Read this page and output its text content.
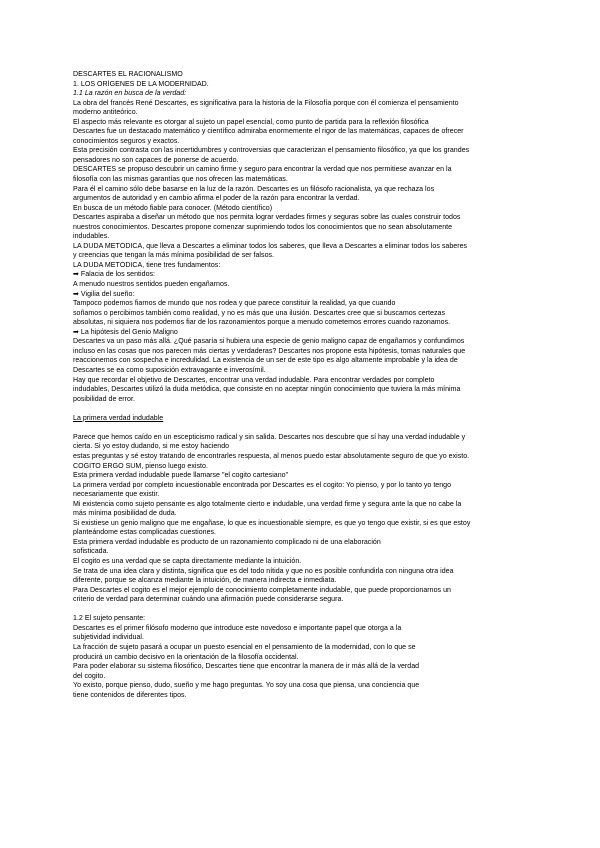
DESCARTES EL RACIONALISMO
1. LOS ORÍGENES DE LA MODERNIDAD.
1.1 La razón en busca de la verdad:
La obra del francés René Descartes, es significativa para la historia de la Filosofía porque con él comienza el pensamiento
moderno antiteórico.
El aspecto más relevante es otorgar al sujeto un papel esencial, como punto de partida para la reflexión filosófica
Descartes fue un destacado matemático y científico admiraba enormemente el rigor de las matemáticas, capaces de ofrecer
conocimientos seguros y exactos.
Esta precisión contrasta con las incertidumbres y controversias que caracterizan el pensamiento filosófico, ya que los grandes
pensadores no son capaces de ponerse de acuerdo.
DESCARTES se propuso descubrir un camino firme y seguro para encontrar la verdad que nos permitiese avanzar en la
filosofía con las mismas garantías que nos ofrecen las matemáticas.
Para él el camino sólo debe basarse en la luz de la razón. Descartes es un filósofo racionalista, ya que rechaza los
argumentos de autoridad y en cambio afirma el poder de la razón para encontrar la verdad.
En busca de un método fiable para conocer. (Método científico)
Descartes aspiraba a diseñar un método que nos permita lograr verdades firmes y seguras sobre las cuales construir todos
nuestros conocimientos. Descartes propone comenzar suprimiendo todos los conocimientos que no sean absolutamente
indudables.
LA DUDA METÓDICA, que lleva a Descartes a eliminar todos los saberes, que lleva a Descartes a eliminar todos los saberes
y creencias que tengan la más mínima posibilidad de ser falsos.
LA DUDA METÓDICA, tiene tres fundamentos:
➡ Falacia de los sentidos:
A menudo nuestros sentidos pueden engañarnos.
➡ Vigilia del sueño:
Tampoco podemos fiarnos de mundo que nos rodea y que parece constituir la realidad, ya que cuando
soñamos o percibimos también como realidad, y no es más que una ilusión. Descartes cree que si buscamos certezas
absolutas, ni siquiera nos podemos fiar de los razonamientos porque a menudo cometemos errores cuando razonamos.
➡ La hipótesis del Genio Maligno
Descartes va un paso más allá. ¿Qué pasaría si hubiera una especie de genio maligno capaz de engañarnos y confundirnos
incluso en las cosas que nos parecen más ciertas y verdaderas? Descartes nos propone esta hipótesis, tomas naturales que
reaccionemos con sospecha e incredulidad. La existencia de un ser de este tipo es algo altamente improbable y la idea de
Descartes se ea como suposición extravagante e inverosímil.
Hay que recordar el objetivo de Descartes, encontrar una verdad indudable. Para encontrar verdades por completo
indudables, Descartes utilizó la duda metódica, que consiste en no aceptar ningún conocimiento que tuviera la más mínima
posibilidad de error.
La primera verdad indudable
Parece que hemos caído en un escepticismo radical y sin salida. Descartes nos descubre que sí hay una verdad indudable y
cierta. Si yo estoy dudando, si me estoy haciendo
estas preguntas y sé estoy tratando de encontrarles respuesta, al menos puedo estar absolutamente seguro de que yo existo.
COGITO ERGO SUM, pienso luego existo.
Esta primera verdad indudable puede llamarse "el cogito cartesiano"
La primera verdad por completo incuestionable encontrada por Descartes es el cogito: Yo pienso, y por lo tanto yo tengo
necesariamente que existir.
Mi existencia como sujeto pensante es algo totalmente cierto e indudable, una verdad firme y segura ante la que no cabe la
más mínima posibilidad de duda.
Si existiese un genio maligno que me engañase, lo que es incuestionable siempre, es que yo tengo que existir, si es que estoy
planteándome estas complicadas cuestiones.
Esta primera verdad indudable es producto de un razonamiento complicado ni de una elaboración
sofisticada.
El cogito es una verdad que se capta directamente mediante la intuición.
Se trata de una idea clara y distinta, significa que es del todo nítida y que no es posible confundirla con ninguna otra idea
diferente, porque se alcanza mediante la intuición, de manera indirecta e inmediata.
Para Descartes el cogito es el mejor ejemplo de conocimiento completamente indudable, que puede proporcionarnos un
criterio de verdad para determinar cuándo una afirmación puede considerarse segura.
1.2 El sujeto pensante:
Descartes es el primer filósofo moderno que introduce este novedoso e importante papel que otorga a la
subjetividad individual.
La fracción de sujeto pasará a ocupar un puesto esencial en el pensamiento de la modernidad, con lo que se
producirá un cambio decisivo en la orientación de la filosofía occidental.
Para poder elaborar su sistema filosófico, Descartes tiene que encontrar la manera de ir más allá de la verdad
del cogito.
Yo existo, porque pienso, dudo, sueño y me hago preguntas. Yo soy una cosa que piensa, una conciencia que
tiene contenidos de diferentes tipos.
